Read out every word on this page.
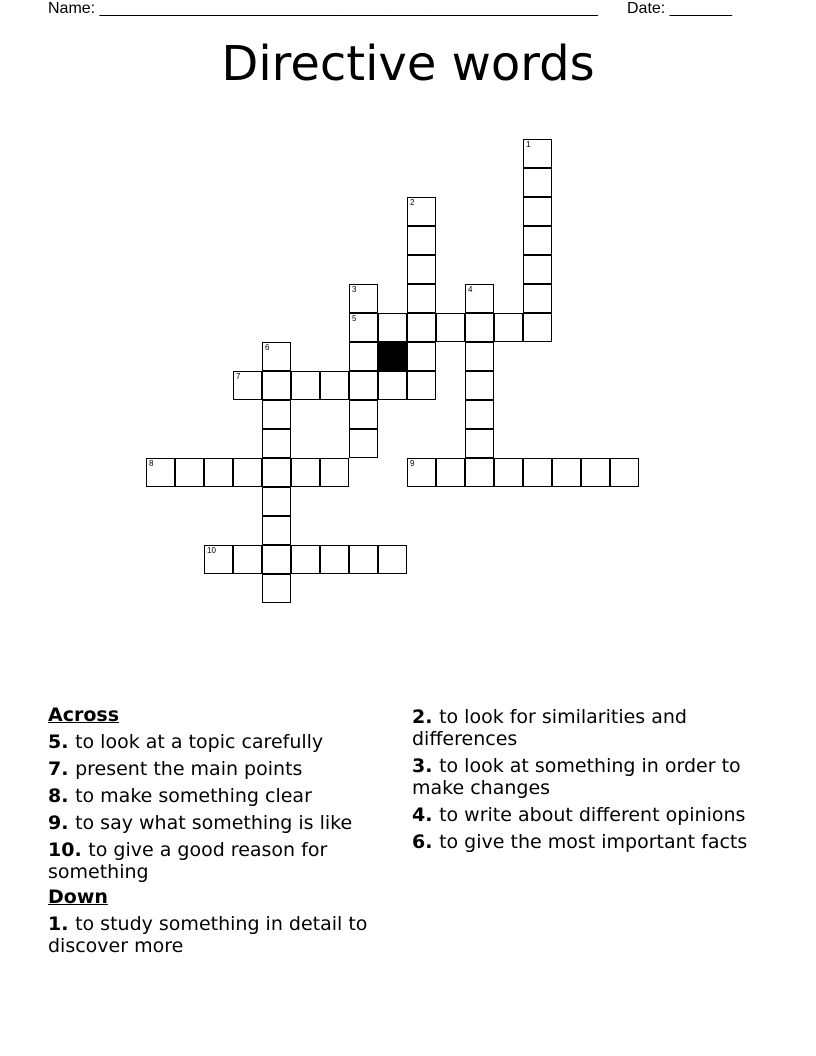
Name: ________________________________________________________ Date: _______
Directive words
1
2
3
5
4
6
7
8	9
10
Across
5. to look at a topic carefully
7. present the main points
8. to make something clear
9. to say what something is like
10. to give a good reason for something
Down
1. to study something in detail to discover more
2. to look for similarities and differences
3. to look at something in order to make changes
4. to write about different opinions
6. to give the most important facts
